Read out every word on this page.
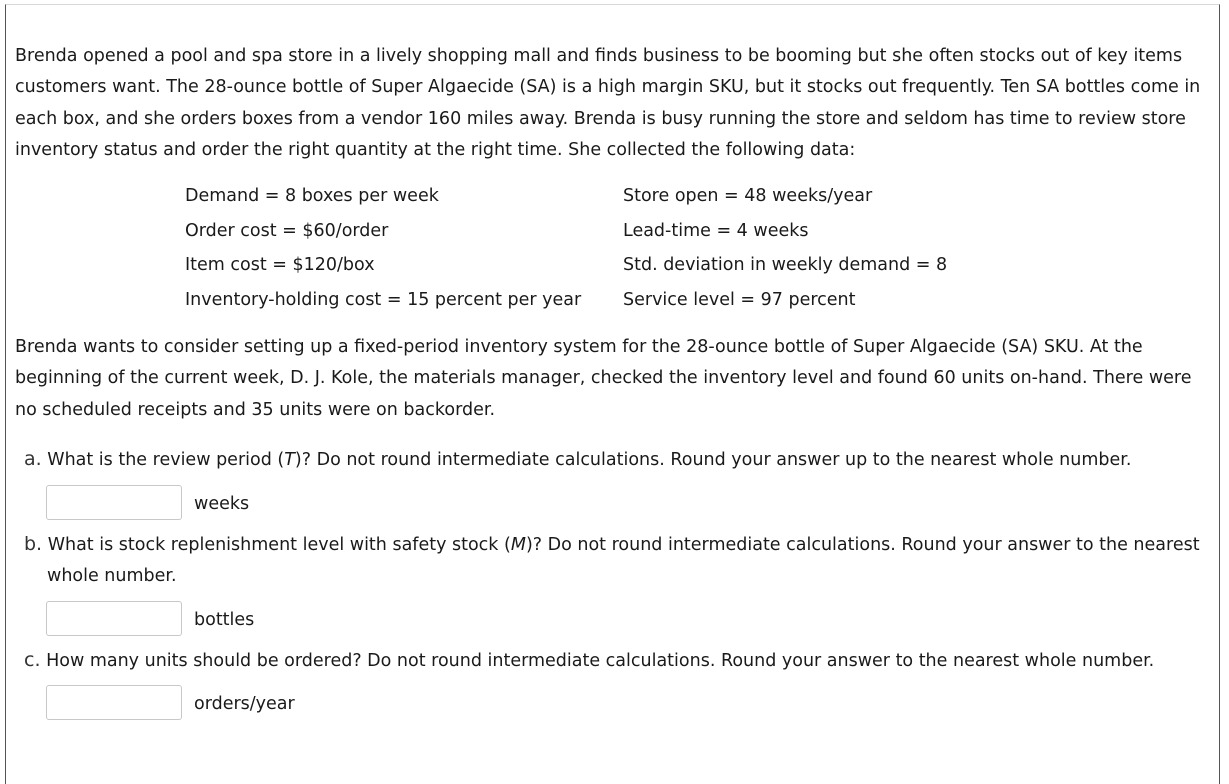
Brenda opened a pool and spa store in a lively shopping mall and finds business to be booming but she often stocks out of key items customers want. The 28-ounce bottle of Super Algaecide (SA) is a high margin SKU, but it stocks out frequently. Ten SA bottles come in each box, and she orders boxes from a vendor 160 miles away. Brenda is busy running the store and seldom has time to review store inventory status and order the right quantity at the right time. She collected the following data:

Demand = 8 boxes per week	Store open = 48 weeks/year
Order cost = $60/order	Lead-time = 4 weeks
Item cost = $120/box	Std. deviation in weekly demand = 8
Inventory-holding cost = 15 percent per year Service level = 97 percent

Brenda wants to consider setting up a fixed-period inventory system for the 28-ounce bottle of Super Algaecide (SA) SKU. At the beginning of the current week, D. J. Kole, the materials manager, checked the inventory level and found 60 units on-hand. There were no scheduled receipts and 35 units were on backorder.

a. What is the review period (T)? Do not round intermediate calculations. Round your answer up to the nearest whole number.
weeks
b. What is stock replenishment level with safety stock (M)? Do not round intermediate calculations. Round your answer to the nearest whole number.
bottles
c. How many units should be ordered? Do not round intermediate calculations. Round your answer to the nearest whole number.
orders/year
